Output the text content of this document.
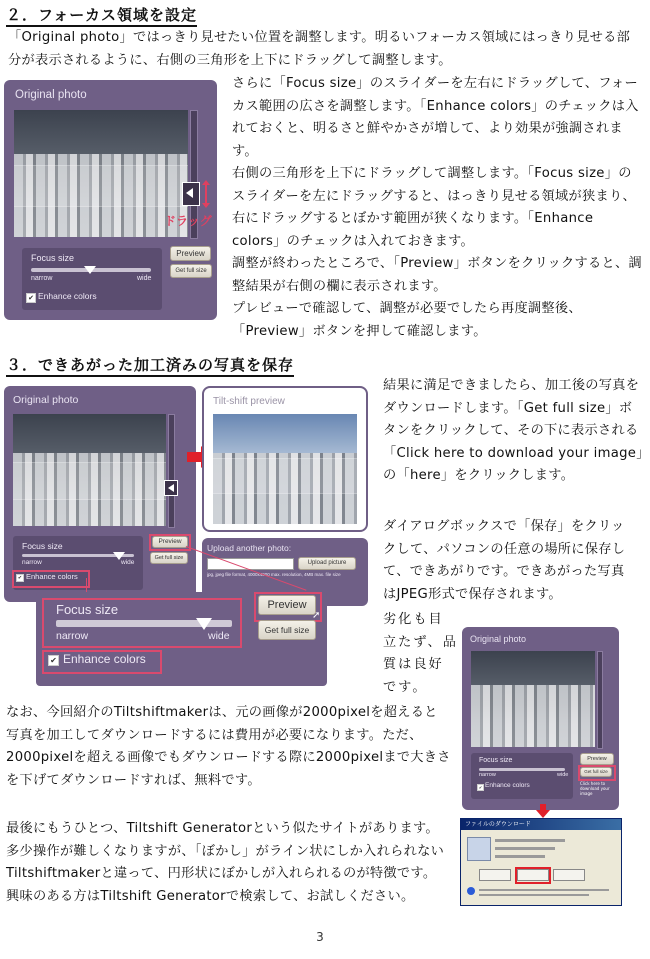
２．フォーカス領域を設定

「Original photo」ではっきり見せたい位置を調整します。明るいフォーカス領域にはっきり見せる部

分が表示されるように、右側の三角形を上下にドラッグして調整します。

Original photo
ドラッグ
Focus size
narrow	wide
✔ Enhance colors
Preview
Get full size

さらに「Focus size」のスライダーを左右にドラッグして、フォー

カス範囲の広さを調整します。「Enhance colors」のチェックは入

れておくと、明るさと鮮やかさが増して、より効果が強調されます。

右側の三角形を上下にドラッグして調整します。「Focus size」の

スライダーを左にドラッグすると、はっきり見せる領域が狭まり、

右にドラッグするとぼかす範囲が狭くなります。「Enhance

colors」のチェックは入れておきます。

調整が終わったところで、「Preview」ボタンをクリックすると、調

整結果が右側の欄に表示されます。

プレビューで確認して、調整が必要でしたら再度調整後、

「Preview」ボタンを押して確認します。

３．できあがった加工済みの写真を保存
Original photo
Focus size
narrow	wide
✔ Enhance colors
Preview
Get full size
Tilt-shift preview
Upload another photo:
Upload picture
jpg, jpeg file format, 4000x4000 max. resolution, 4MB max. file size
Focus size
narrow	wide
✔ Enhance colors
Preview
Get full size
➚

結果に満足できましたら、加工後の写真を

ダウンロードします。「Get full size」ボ

タンをクリックして、その下に表示される

「Click here to download your image」

の「here」をクリックします。

ダイアログボックスで「保存」をクリッ

クして、パソコンの任意の場所に保存し

て、できあがりです。できあがった写真

はJPEG形式で保存されます。

劣化も目

立たず、品

質は良好

です。

Original photo
Focus size
narrow	wide
✔ Enhance colors
Preview
Get full size
Click here to download your image
ファイルのダウンロード

なお、今回紹介のTiltshiftmakerは、元の画像が2000pixelを超えると

写真を加工してダウンロードするには費用が必要になります。ただ、

2000pixelを超える画像でもダウンロードする際に2000pixelまで大きさ

を下げてダウンロードすれば、無料です。

最後にもうひとつ、Tiltshift Generatorという似たサイトがあります。

多少操作が難しくなりますが、「ぼかし」がライン状にしか入れられない

Tiltshiftmakerと違って、円形状にぼかしが入れられるのが特徴です。

興味のある方はTiltshift Generatorで検索して、お試しください。

3
